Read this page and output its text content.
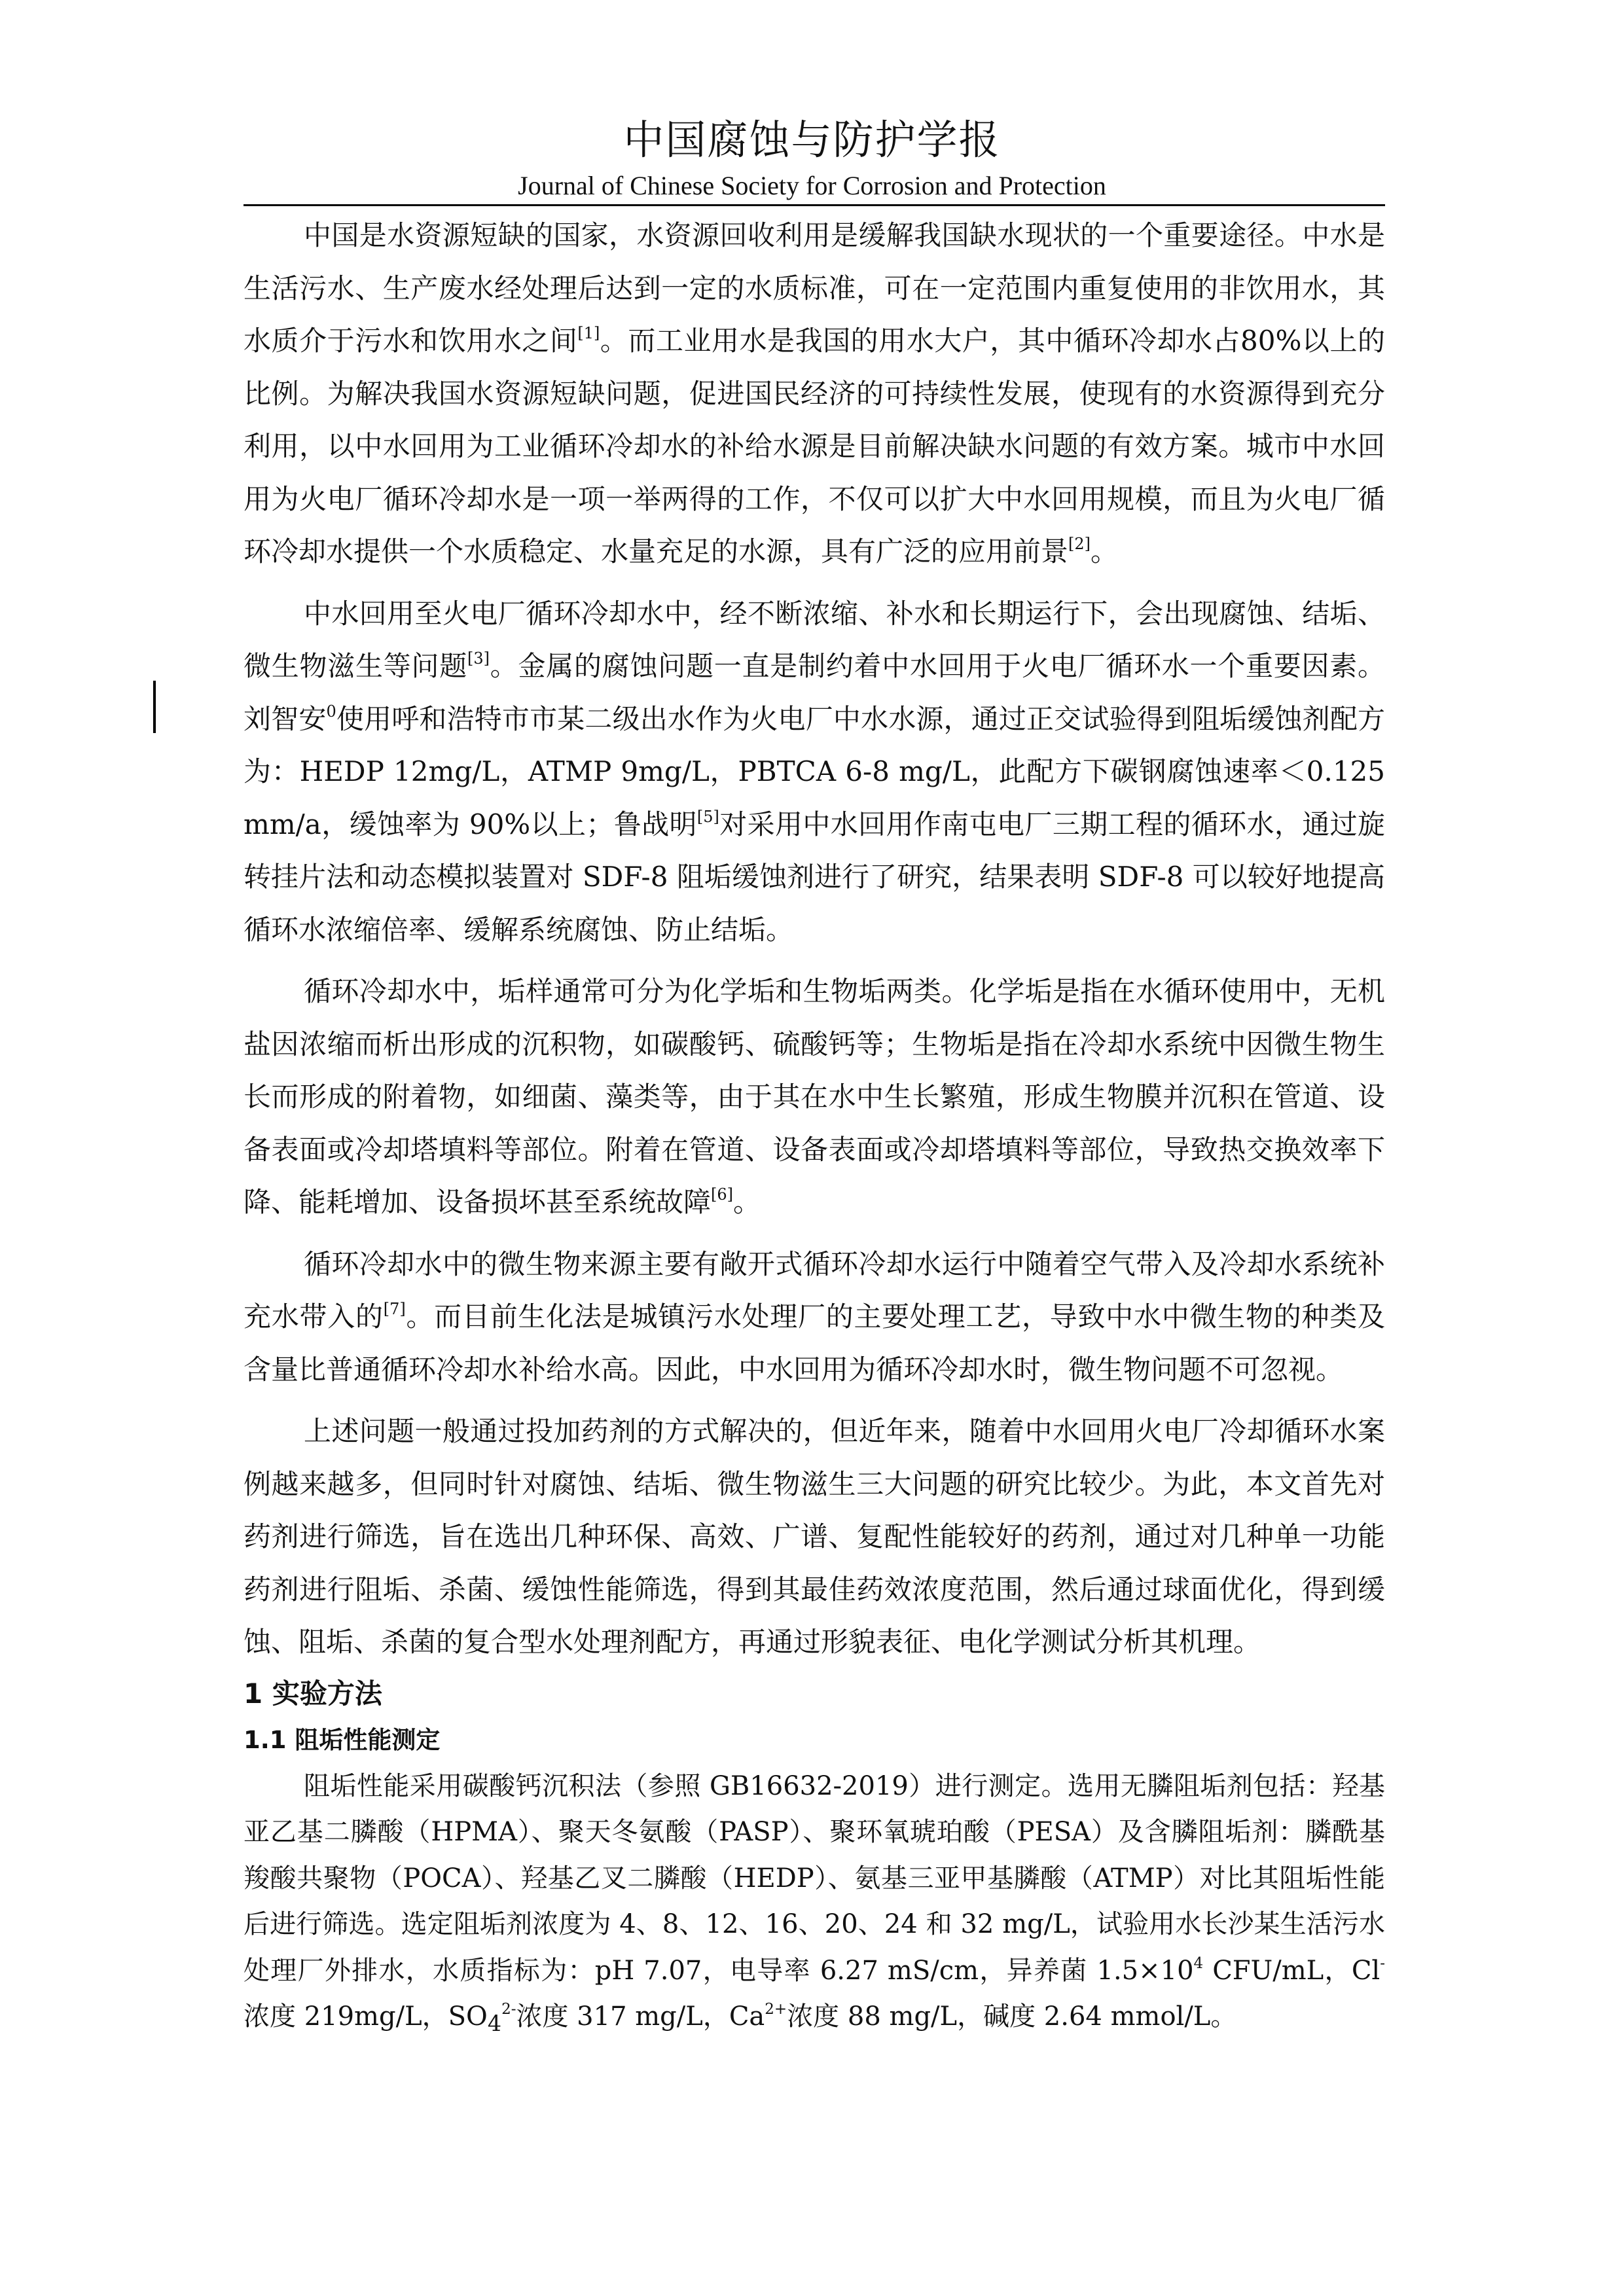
中国腐蚀与防护学报
Journal of Chinese Society for Corrosion and Protection

中国是水资源短缺的国家，水资源回收利用是缓解我国缺水现状的一个重要途径。中水是生活污水、生产废水经处理后达到一定的水质标准，可在一定范围内重复使用的非饮用水，其水质介于污水和饮用水之间[1]。而工业用水是我国的用水大户，其中循环冷却水占80%以上的比例。为解决我国水资源短缺问题，促进国民经济的可持续性发展，使现有的水资源得到充分利用，以中水回用为工业循环冷却水的补给水源是目前解决缺水问题的有效方案。城市中水回用为火电厂循环冷却水是一项一举两得的工作，不仅可以扩大中水回用规模，而且为火电厂循环冷却水提供一个水质稳定、水量充足的水源，具有广泛的应用前景[2]。

中水回用至火电厂循环冷却水中，经不断浓缩、补水和长期运行下，会出现腐蚀、结垢、微生物滋生等问题[3]。金属的腐蚀问题一直是制约着中水回用于火电厂循环水一个重要因素。刘智安$^0$使用呼和浩特市市某二级出水作为火电厂中水水源，通过正交试验得到阻垢缓蚀剂配方为：HEDP 12mg/L，ATMP 9mg/L，PBTCA 6-8 mg/L，此配方下碳钢腐蚀速率＜0.125 mm/a，缓蚀率为 90%以上；鲁战明[5]对采用中水回用作南屯电厂三期工程的循环水，通过旋转挂片法和动态模拟装置对 SDF-8 阻垢缓蚀剂进行了研究，结果表明 SDF-8 可以较好地提高循环水浓缩倍率、缓解系统腐蚀、防止结垢。

循环冷却水中，垢样通常可分为化学垢和生物垢两类。化学垢是指在水循环使用中，无机盐因浓缩而析出形成的沉积物，如碳酸钙、硫酸钙等；生物垢是指在冷却水系统中因微生物生长而形成的附着物，如细菌、藻类等，由于其在水中生长繁殖，形成生物膜并沉积在管道、设备表面或冷却塔填料等部位。附着在管道、设备表面或冷却塔填料等部位，导致热交换效率下降、能耗增加、设备损坏甚至系统故障[6]。

循环冷却水中的微生物来源主要有敞开式循环冷却水运行中随着空气带入及冷却水系统补充水带入的[7]。而目前生化法是城镇污水处理厂的主要处理工艺，导致中水中微生物的种类及含量比普通循环冷却水补给水高。因此，中水回用为循环冷却水时，微生物问题不可忽视。

上述问题一般通过投加药剂的方式解决的，但近年来，随着中水回用火电厂冷却循环水案例越来越多，但同时针对腐蚀、结垢、微生物滋生三大问题的研究比较少。为此，本文首先对药剂进行筛选，旨在选出几种环保、高效、广谱、复配性能较好的药剂，通过对几种单一功能药剂进行阻垢、杀菌、缓蚀性能筛选，得到其最佳药效浓度范围，然后通过球面优化，得到缓蚀、阻垢、杀菌的复合型水处理剂配方，再通过形貌表征、电化学测试分析其机理。

1 实验方法
1.1 阻垢性能测定

阻垢性能采用碳酸钙沉积法（参照 GB16632-2019）进行测定。选用无膦阻垢剂包括：羟基亚乙基二膦酸（HPMA）、聚天冬氨酸（PASP）、聚环氧琥珀酸（PESA）及含膦阻垢剂：膦酰基羧酸共聚物（POCA）、羟基乙叉二膦酸（HEDP）、氨基三亚甲基膦酸（ATMP）对比其阻垢性能后进行筛选。选定阻垢剂浓度为 4、8、12、16、20、24 和 32 mg/L，试验用水长沙某生活污水处理厂外排水，水质指标为：pH 7.07，电导率 6.27 mS/cm，异养菌 $1.5\times 10^4$ CFU/mL，Cl-浓度 219mg/L，$SO_4^{2-}$浓度 317 mg/L，$Ca^{2+}$浓度 88 mg/L，碱度 2.64 mmol/L。
